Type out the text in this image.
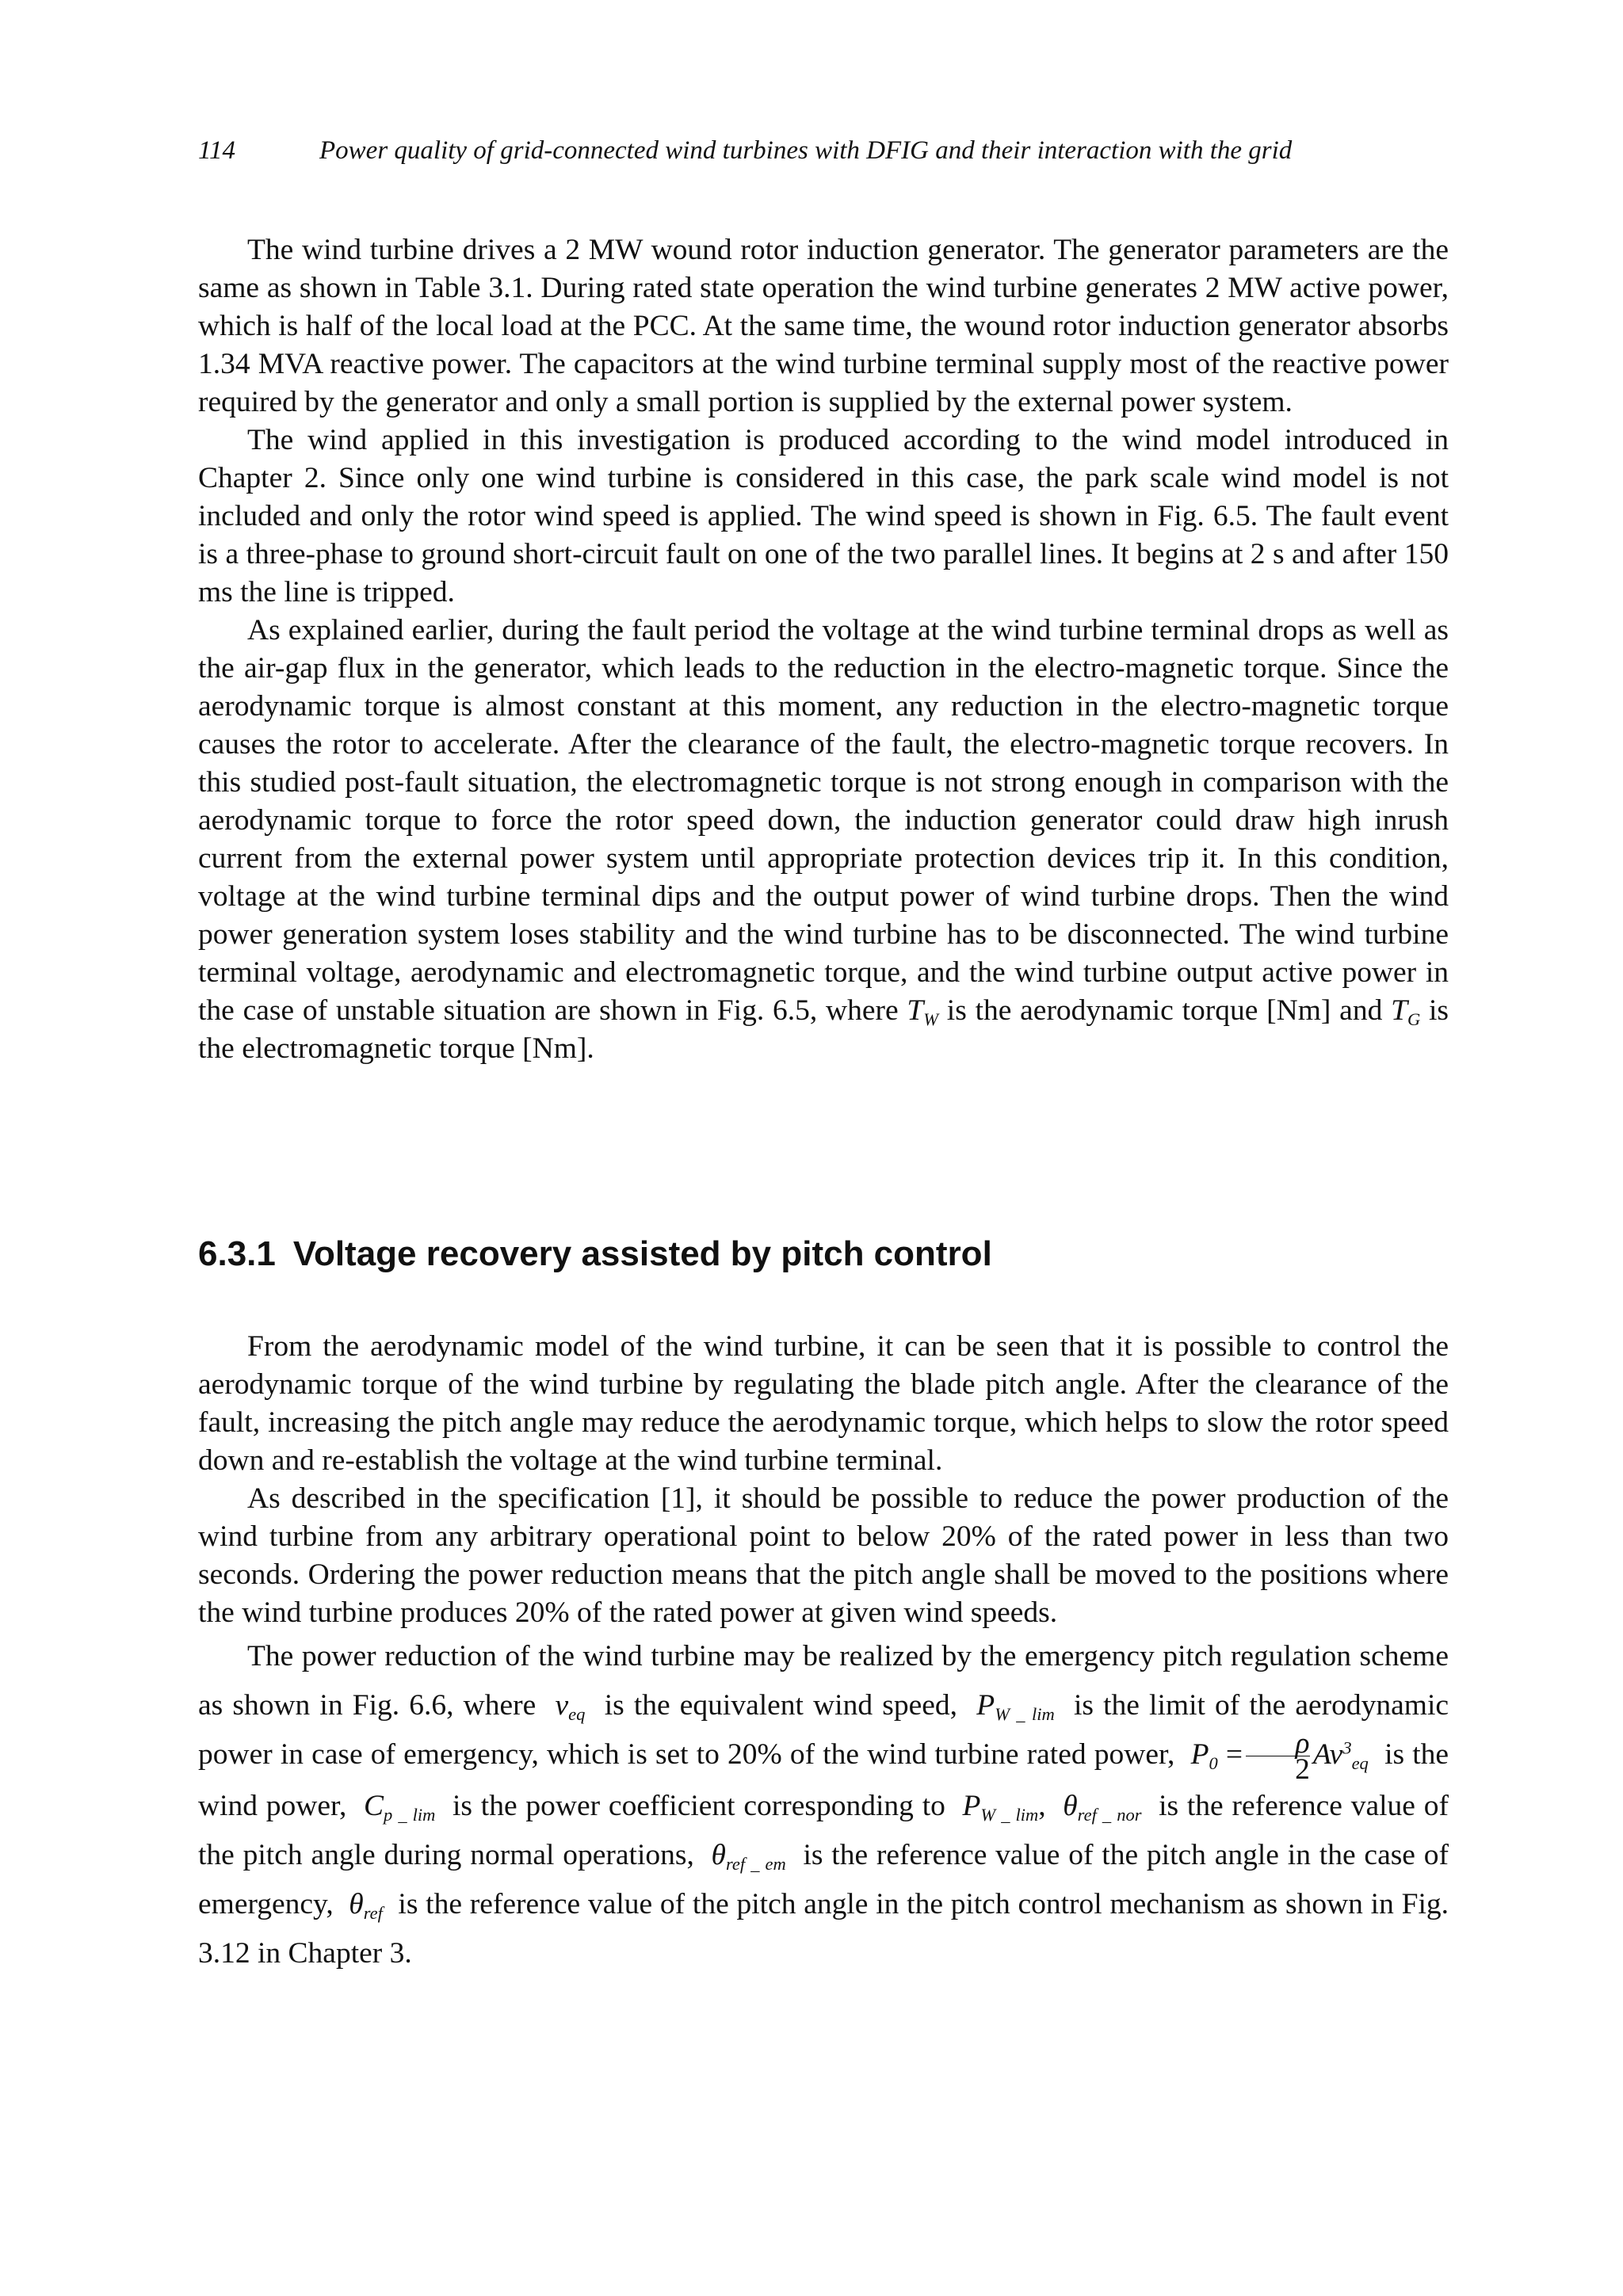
114	Power quality of grid-connected wind turbines with DFIG and their interaction with the grid

The wind turbine drives a 2 MW wound rotor induction generator. The generator parameters are the same as shown in Table 3.1. During rated state operation the wind turbine generates 2 MW active power, which is half of the local load at the PCC. At the same time, the wound rotor induction generator absorbs 1.34 MVA reactive power. The capacitors at the wind turbine terminal supply most of the reactive power required by the generator and only a small portion is supplied by the external power system.

The wind applied in this investigation is produced according to the wind model introduced in Chapter 2. Since only one wind turbine is considered in this case, the park scale wind model is not included and only the rotor wind speed is applied. The wind speed is shown in Fig. 6.5. The fault event is a three-phase to ground short-circuit fault on one of the two parallel lines. It begins at 2 s and after 150 ms the line is tripped.

As explained earlier, during the fault period the voltage at the wind turbine terminal drops as well as the air-gap flux in the generator, which leads to the reduction in the electro-magnetic torque. Since the aerodynamic torque is almost constant at this moment, any reduction in the electro-magnetic torque causes the rotor to accelerate. After the clearance of the fault, the electro-magnetic torque recovers. In this studied post-fault situation, the electromagnetic torque is not strong enough in comparison with the aerodynamic torque to force the rotor speed down, the induction generator could draw high inrush current from the external power system until appropriate protection devices trip it. In this condition, voltage at the wind turbine terminal dips and the output power of wind turbine drops. Then the wind power generation system loses stability and the wind turbine has to be disconnected. The wind turbine terminal voltage, aerodynamic and electromagnetic torque, and the wind turbine output active power in the case of unstable situation are shown in Fig. 6.5, where $T_W$ is the aerodynamic torque [Nm] and $T_G$ is the electromagnetic torque [Nm].

6.3.1 Voltage recovery assisted by pitch control

From the aerodynamic model of the wind turbine, it can be seen that it is possible to control the aerodynamic torque of the wind turbine by regulating the blade pitch angle. After the clearance of the fault, increasing the pitch angle may reduce the aerodynamic torque, which helps to slow the rotor speed down and re-establish the voltage at the wind turbine terminal.

As described in the specification [1], it should be possible to reduce the power production of the wind turbine from any arbitrary operational point to below 20% of the rated power in less than two seconds. Ordering the power reduction means that the pitch angle shall be moved to the positions where the wind turbine produces 20% of the rated power at given wind speeds.

The power reduction of the wind turbine may be realized by the emergency pitch regulation scheme as shown in Fig. 6.6, where $v_{eq}$ is the equivalent wind speed, $P_{W \_ lim}$ is the limit of the aerodynamic power in case of emergency, which is set to 20% of the wind turbine rated power, $P_0 = \frac{\rho}{2} Av^3_{eq}$ is the wind power, $C_{p \_ lim}$ is the power coefficient corresponding to $P_{W \_ lim}$, $\theta_{ref \_ nor}$ is the reference value of the pitch angle during normal operations, $\theta_{ref \_ em}$ is the reference value of the pitch angle in the case of emergency, $\theta_{ref}$ is the reference value of the pitch angle in the pitch control mechanism as shown in Fig. 3.12 in Chapter 3.
